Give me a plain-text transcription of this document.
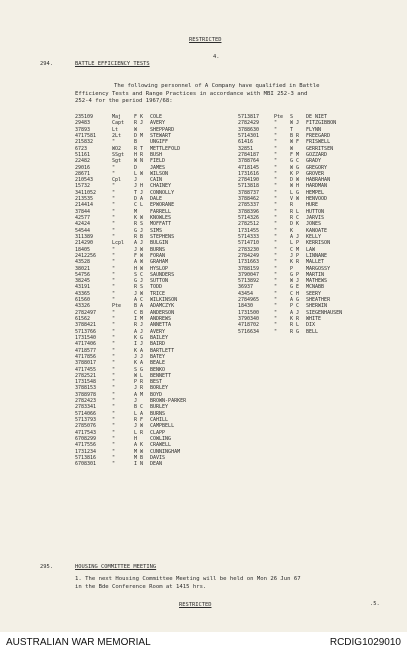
RESTRICTED
4.
294.	BATTLE EFFICIENCY TESTS
The following personnel of A Company have qualified in Battle
Efficiency Tests and Range Practices in accordance with MBI 252-3 and
252-4 for the period 1967/68:
235109	Maj	F K COLE
29483	Capt R J AVERY
37893	Lt	W	SHEPPARD
4717581	2Lt	D M STEWART
215832	"	B	UNGIFF
6723	WO2	R T METTLEFOLD
51161	SSgt H R BUSH
22482	Sgt	W N FIELD
29016	"	D	JAMES
28671	"	L W WILSON
210543	Cpl	J	CAIN
15732	"	J H CHAINEY
3411052	"	T J CONNOLLY
213535	"	D A DALE
214414	"	C L EPWORANE
37844	"	M	FARRELL
42577	"	K W KNOWLES
42424	"	R S MOFFATT
54544	"	G J SIMS
311389	"	R B STEPHENS
214290	Lcpl A J BULGIN
18405	"	J W BURNS
2412256	"	F W FORAN
43528	"	A W GRAHAM
38021	"	H W HYSLOP
54756	"	S C SAUNDERS
38245	"	G J SUTTON
43191	"	R S TODD
43365	"	J W TRICE
61560	"	A C WILKINSON
43326	Pte	B A ADAMCZYK
2782497	"	C B ANDERSON
61562	"	I M ANDREWS
3788421	"	R J ANNETTA
5713766	"	A J AVERY
1731540	"	K G BAILEY
4717406	"	I J BAIRD
4718577	"	K A BARTLETT
4717856	"	J J BATEY
3788017	"	K A BEALE
4717455	"	S G BENKO
2782521	"	W L BENNETT
1731548	"	P R BEST
3788153	"	J R BORLEY
3788978	"	A M BOYD
2782423	"	J	BROWN-PARKER
2783341	"	B C BURLEY
5714066	"	L A BURNS
5713793	"	R F CAHILL
2785076	"	J W CAMPBELL
4717543	"	L R CLAPP
6708299	"	H	COWLING
4717556	"	A K CRAWELL
1731234	"	M W CUNNINGHAM
5713816	"	M B DAVIS
6708301	"	I N DEAN
5713817	Pte S	DE NIET
2782429	"	W J FITZGIBBON
3788630	"	T	FLYNN
5714301	"	B R FREEGARD
61416	"	W F FRISWELL
32851	"	W	GERRITSEN
2784187	"	F M GOZZARD
3788764	"	G C GRADY
4718145	"	W G GREGORY
1731616	"	K P GROVER
2784190	"	D W HABRAHAN
5713818	"	W H HARDMAN
3788737	"	L G HEMPEL
3788462	"	V W HENVOOD
2785337	"	R	HURE
3788396	"	R L HUTTON
5714326	"	R C JARVIS
2782512	"	D K JONES
1731455	"	K	KANOATE
5714333	"	A J KELLY
5714710	"	L P KERRISON
2783230	"	C M LAW
2784249	"	J P LINNANE
1731663	"	K R MALLET
3788159	"	P	MARGOSSY
3790047	"	G P MARTIN
5713892	"	W J MATHEWS
36937	"	G E MCNABB
43454	"	C H SEERY
2784965	"	A G SHEATHER
18430	"	P C SHERWIN
1731500	"	A J SIEGENHAUSEN
3790340	"	K R WHITE
4718702	"	R L DIX
5716634	"	R G BELL
295.	HOUSING COMMITTEE MEETING
1. The next Housing Committee Meeting will be held on Mon 26 Jun 67
in the Bde Conference Room at 1415 hrs.
RESTRICTED	.5.
AUSTRALIAN WAR MEMORIAL	RCDIG1029010
